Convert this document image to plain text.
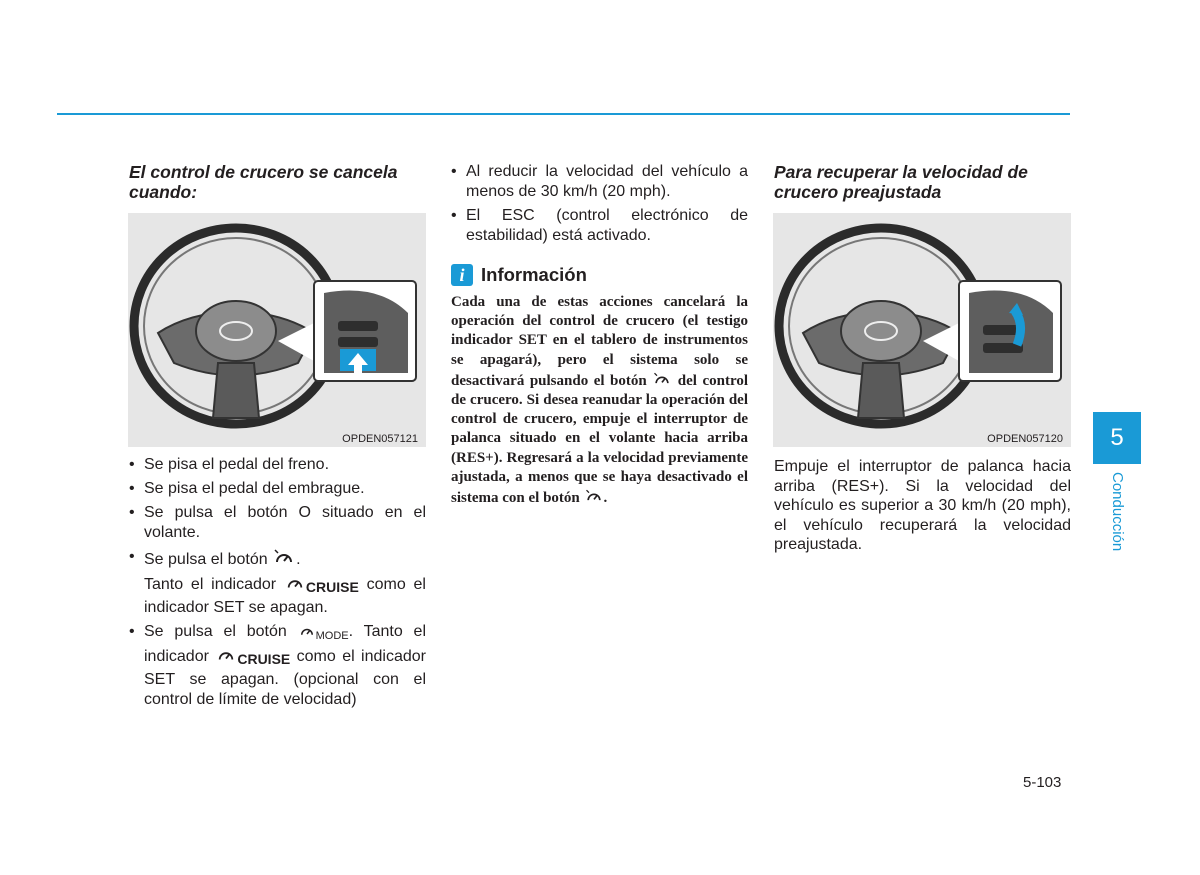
El control de crucero se cancela cuando:

OPDEN057121
• Se pisa el pedal del freno.
• Se pisa el pedal del embrague.
• Se pulsa el botón O situado en el volante.
• Se pulsa el botón .
Tanto el indicador CRUISE como el indicador SET se apagan.
• Se pulsa el botón	MODE. Tanto el indicador CRUISE como el indicador SET se apagan. (opcional con el control de límite de velocidad)
• Al reducir la velocidad del vehículo a menos de 30 km/h (20 mph).
• El ESC (control electrónico de estabilidad) está activado.
i Información
Cada una de estas acciones cancelará la operación del control de crucero (el testigo indicador SET en el tablero de instrumentos se apagará), pero el sistema solo se desactivará pulsando el botón del control de crucero. Si desea reanudar la operación del control de crucero, empuje el interruptor de palanca situado en el volante hacia arriba (RES+). Regresará a la velocidad previamente ajustada, a menos que se haya desactivado el sistema con el botón .

Para recuperar la velocidad de crucero preajustada

OPDEN057120
Empuje el interruptor de palanca hacia arriba (RES+). Si la velocidad del vehículo es superior a 30 km/h (20 mph), el vehículo recuperará la velocidad preajustada.
5
Conducción
5-103
